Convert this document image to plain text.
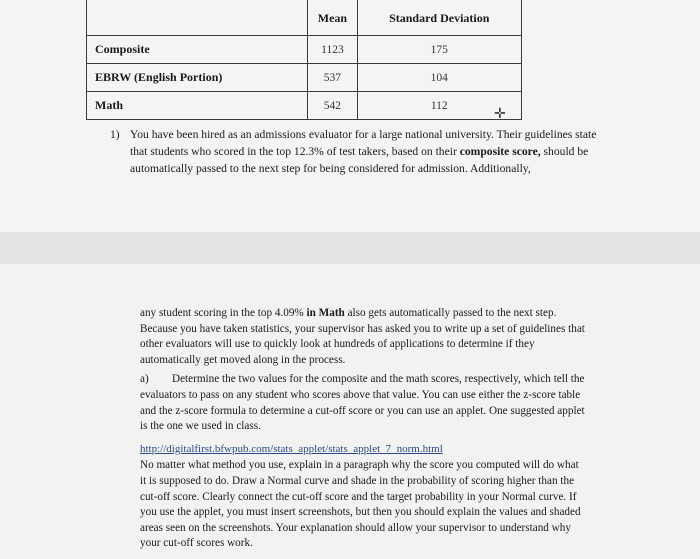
	Mean	Standard Deviation
Composite	1123	175
EBRW (English Portion)	537	104
Math	542	112
✛
1) You have been hired as an admissions evaluator for a large national university. Their guidelines state that students who scored in the top 12.3% of test takers, based on their composite score, should be automatically passed to the next step for being considered for admission. Additionally,

any student scoring in the top 4.09% in Math also gets automatically passed to the next step. Because you have taken statistics, your supervisor has asked you to write up a set of guidelines that other evaluators will use to quickly look at hundreds of applications to determine if they automatically get moved along in the process.

a) Determine the two values for the composite and the math scores, respectively, which tell the evaluators to pass on any student who scores above that value. You can use either the z-score table and the z-score formula to determine a cut-off score or you can use an applet. One suggested applet is the one we used in class.

http://digitalfirst.bfwpub.com/stats_applet/stats_applet_7_norm.html

No matter what method you use, explain in a paragraph why the score you computed will do what it is supposed to do. Draw a Normal curve and shade in the probability of scoring higher than the cut-off score. Clearly connect the cut-off score and the target probability in your Normal curve. If you use the applet, you must insert screenshots, but then you should explain the values and shaded areas seen on the screenshots. Your explanation should allow your supervisor to understand why your cut-off scores work.
